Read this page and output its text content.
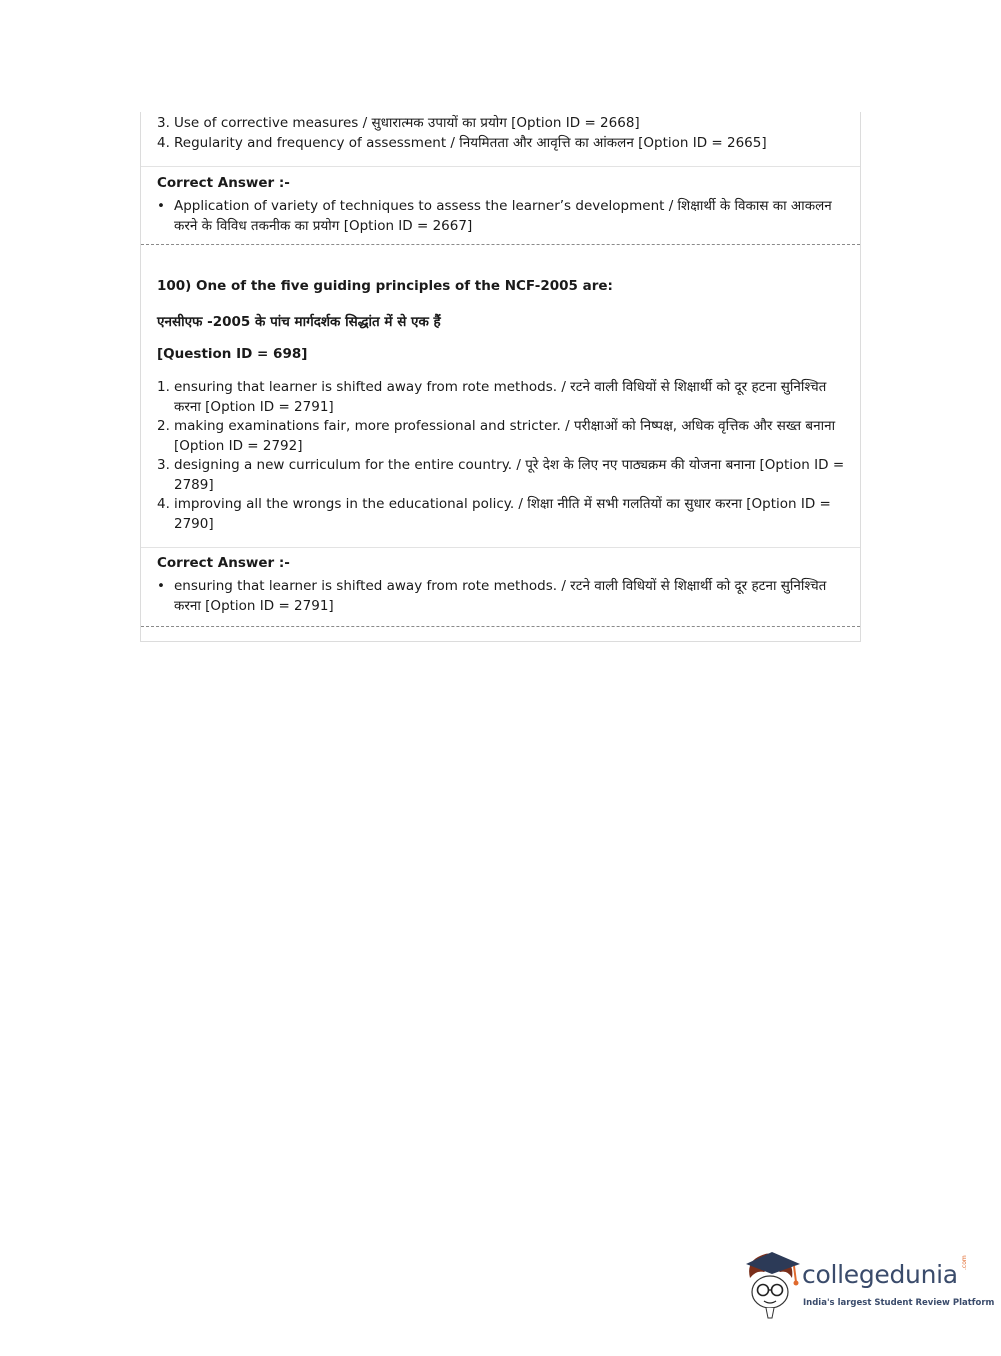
3. Use of corrective measures / सुधारात्मक उपायों का प्रयोग [Option ID = 2668]
4. Regularity and frequency of assessment / नियमितता और आवृत्ति का आंकलन [Option ID = 2665]
Correct Answer :-
• Application of variety of techniques to assess the learner’s development / शिक्षार्थी के विकास का आकलन करने के विविध तकनीक का प्रयोग [Option ID = 2667]
100) One of the five guiding principles of the NCF-2005 are:
एनसीएफ -2005 के पांच मार्गदर्शक सिद्धांत में से एक हैं
[Question ID = 698]
1. ensuring that learner is shifted away from rote methods. / रटने वाली विधियों से शिक्षार्थी को दूर हटना सुनिश्चित करना [Option ID = 2791]
2. making examinations fair, more professional and stricter. / परीक्षाओं को निष्पक्ष, अधिक वृत्तिक और सख्त बनाना [Option ID = 2792]
3. designing a new curriculum for the entire country. / पूरे देश के लिए नए पाठ्यक्रम की योजना बनाना [Option ID = 2789]
4. improving all the wrongs in the educational policy. / शिक्षा नीति में सभी गलतियों का सुधार करना [Option ID = 2790]
Correct Answer :-
• ensuring that learner is shifted away from rote methods. / रटने वाली विधियों से शिक्षार्थी को दूर हटना सुनिश्चित करना [Option ID = 2791]
collegedunia .com
India's largest Student Review Platform
